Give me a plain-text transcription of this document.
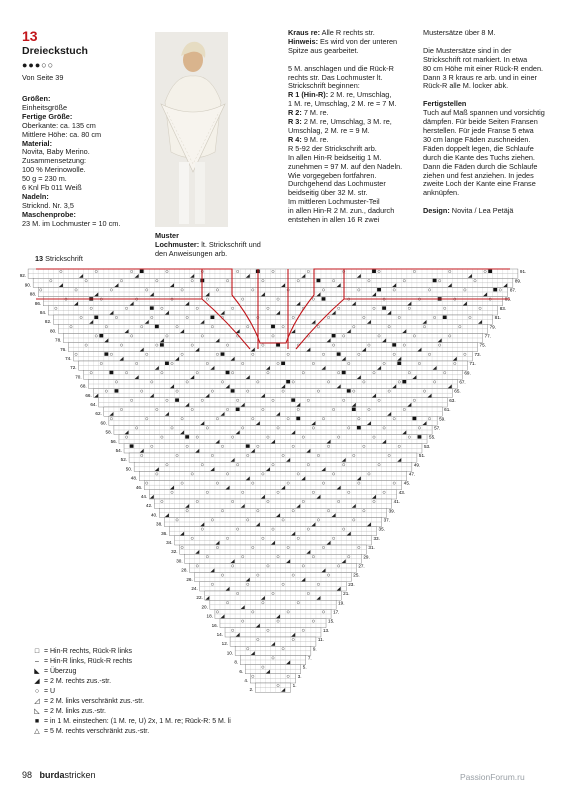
13
Dreieckstuch
●●●○○
Von Seite 39
Größen:
Einheitsgröße
Fertige Größe:
Oberkante: ca. 135 cm
Mittlere Höhe: ca. 80 cm
Material:
Novita, Baby Merino.
Zusammensetzung:
100 % Merinowolle.
50 g = 230 m.
6 Knl Fb 011 Weiß
Nadeln:
Stricknd. Nr. 3,5
Maschenprobe:
23 M. im Lochmuster = 10 cm.
Muster
Lochmuster: lt. Strickschrift und
den Anweisungen arb.
Kraus re: Alle R rechts str.
Hinweis: Es wird von der unteren
Spitze aus gearbeitet.

5 M. anschlagen und die Rück-R
rechts str. Das Lochmuster lt.
Strickschrift beginnen:
R 1 (Hin-R): 2 M. re, Umschlag,
1 M. re, Umschlag, 2 M. re = 7 M.
R 2: 7 M. re.
R 3: 2 M. re, Umschlag, 3 M. re,
Umschlag, 2 M. re = 9 M.
R 4: 9 M. re.
R 5-92 der Strickschrift arb.
In allen Hin-R beidseitig 1 M.
zunehmen = 97 M. auf den Nadeln.
Wie vorgegeben fortfahren.
Durchgehend das Lochmuster
beidseitig über 32 M. str.
Im mittleren Lochmuster-Teil
in allen Hin-R 2 M. zun., dadurch
entstehen in allen 16 R zwei
Mustersätze über 8 M.

Die Mustersätze sind in der
Strickschrift rot markiert. In etwa
80 cm Höhe mit einer Rück-R enden.
Dann 3 R kraus re arb. und in einer
Rück-R alle M. locker abk.

Fertigstellen
Tuch auf Maß spannen und vorsichtig
dämpfen. Für beide Seiten Fransen
herstellen. Für jede Franse 5 etwa
30 cm lange Fäden zuschneiden.
Fäden doppelt legen, die Schlaufe
durch die Kante des Tuchs ziehen.
Dann die Fäden durch die Schlaufe
ziehen und fest anziehen. In jedes
zweite Loch der Kante eine Franse
anknüpfen.

Design: Novita / Lea Petäjä
13 Strickschrift
92.
91.
90.
89.
88.
87.
86.
85.
84.
83.
82.
81.
80.
79.
78.
77.
76.
75.
74.
73.
72.
71.
70.
69.
68.
67.
66.
65.
64.
63.
62.
61.
60.
59.
58.
57.
56.
55.
54.
53.
52.
51.
50.
49.
48.
47.
46.
45.
44.
43.
42.
41.
40.
39.
38.
37.
36.
35.
34.
33.
32.
31.
30.
29.
28.
27.
26.
25.
24.
23.
22.
21.
20.
19.
18.
17.
16.
15.
14.
13.
12.
11.
10.
9.
8.
7.
6.
5.
4.
3.
2.
1.
□ = Hin-R rechts, Rück-R links
– = Hin-R links, Rück-R rechts
◣ = Überzug
◢ = 2 M. rechts zus.-str.
○ = U
◿ = 2 M. links verschränkt zus.-str.
◺ = 2 M. links zus.-str.
■ = in 1 M. einstechen: (1 M. re, U) 2x, 1 M. re; Rück-R: 5 M. li
△ = 5 M. rechts verschränkt zus.-str.
98 burdastricken	PassionForum.ru
